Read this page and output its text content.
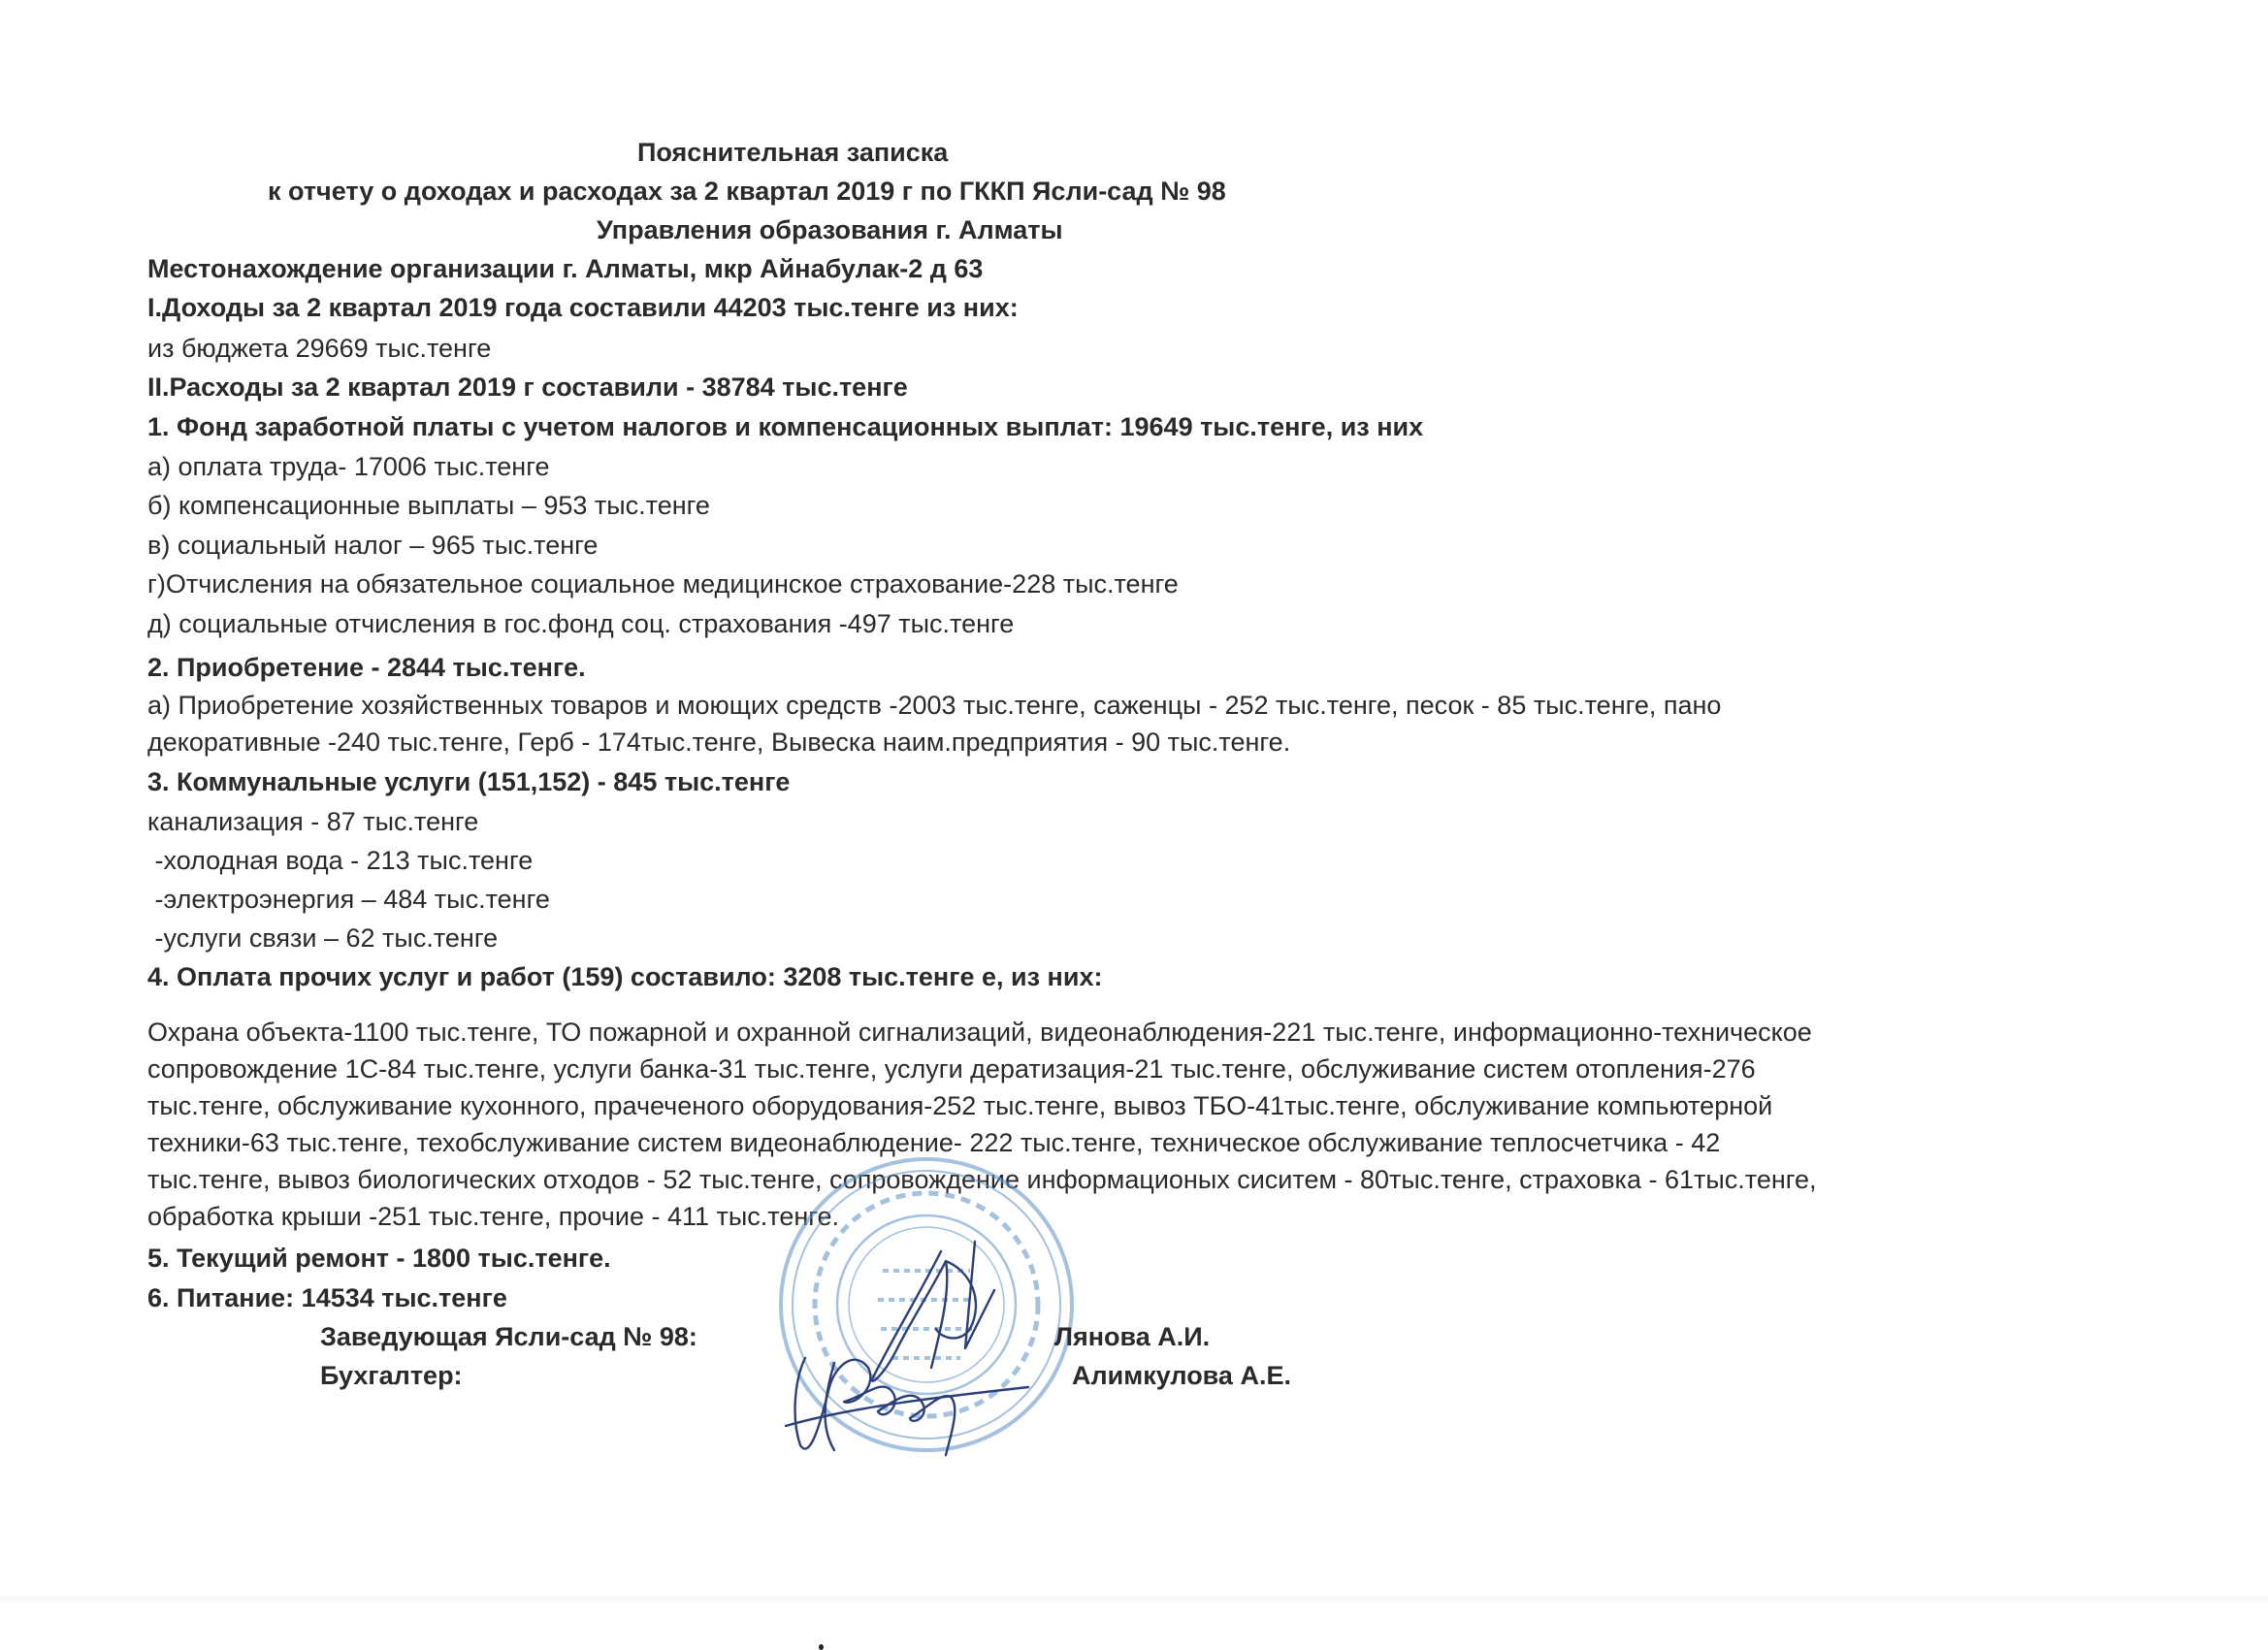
Пояснительная записка
к отчету о доходах и расходах за 2 квартал 2019 г по ГККП Ясли-сад № 98
Управления образования г. Алматы
Местонахождение организации г. Алматы, мкр Айнабулак-2 д 63
I.Доходы за 2 квартал 2019 года составили 44203 тыс.тенге из них:
из бюджета 29669 тыс.тенге
II.Расходы за 2 квартал 2019 г составили - 38784 тыс.тенге
1. Фонд заработной платы с учетом налогов и компенсационных выплат: 19649 тыс.тенге, из них
а) оплата труда- 17006 тыс.тенге
б) компенсационные выплаты – 953 тыс.тенге
в) социальный налог – 965 тыс.тенге
г)Отчисления на обязательное социальное медицинское страхование-228 тыс.тенге
д) социальные отчисления в гос.фонд соц. страхования -497 тыс.тенге
2. Приобретение - 2844 тыс.тенге.
а) Приобретение хозяйственных товаров и моющих средств -2003 тыс.тенге, саженцы - 252 тыс.тенге, песок - 85 тыс.тенге, пано
декоративные -240 тыс.тенге, Герб - 174тыс.тенге, Вывеска наим.предприятия - 90 тыс.тенге.
3. Коммунальные услуги (151,152) - 845 тыс.тенге
канализация - 87 тыс.тенге
-холодная вода - 213 тыс.тенге
-электроэнергия – 484 тыс.тенге
-услуги связи – 62 тыс.тенге
4. Оплата прочих услуг и работ (159) составило: 3208 тыс.тенге е, из них:
Охрана объекта-1100 тыс.тенге, ТО пожарной и охранной сигнализаций, видеонаблюдения-221 тыс.тенге, информационно-техническое
сопровождение 1С-84 тыс.тенге, услуги банка-31 тыс.тенге, услуги дератизация-21 тыс.тенге, обслуживание систем отопления-276
тыс.тенге, обслуживание кухонного, прачеченого оборудования-252 тыс.тенге, вывоз ТБО-41тыс.тенге, обслуживание компьютерной
техники-63 тыс.тенге, техобслуживание систем видеонаблюдение- 222 тыс.тенге, техническое обслуживание теплосчетчика - 42
тыс.тенге, вывоз биологических отходов - 52 тыс.тенге, сопровождение информационых сиситем - 80тыс.тенге, страховка - 61тыс.тенге,
обработка крыши -251 тыс.тенге, прочие - 411 тыс.тенге.
5. Текущий ремонт - 1800 тыс.тенге.
6. Питание: 14534 тыс.тенге
Заведующая Ясли-сад № 98:	Лянова А.И.
Бухгалтер:	Алимкулова А.Е.
